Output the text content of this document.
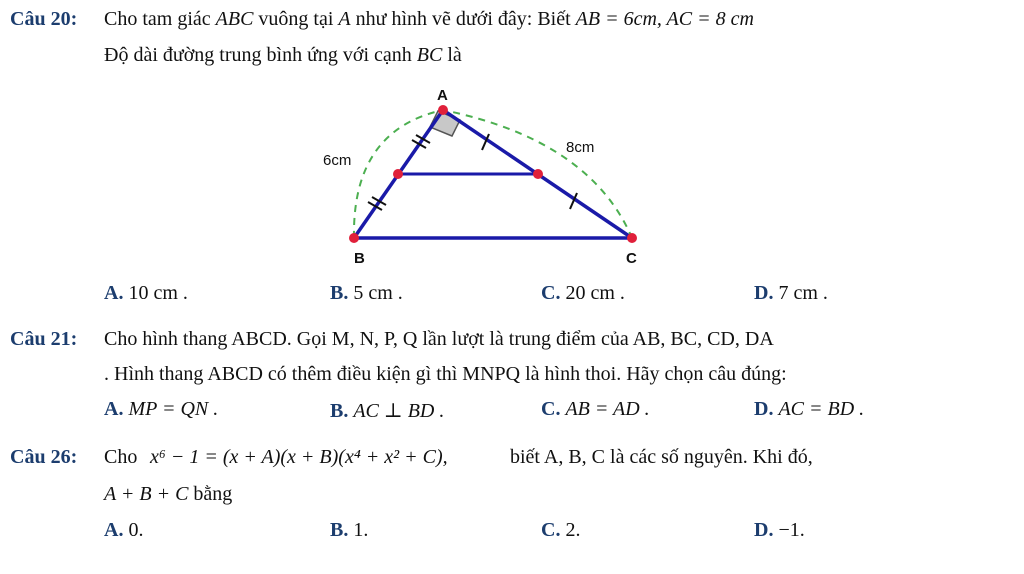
Câu 20: Cho tam giác ABC vuông tại A như hình vẽ dưới đây: Biết AB = 6cm, AC = 8 cm
Độ dài đường trung bình ứng với cạnh BC là
A
B	C
6cm
8cm
A. 10 cm .	B. 5 cm .	C. 20 cm .	D. 7 cm .
Câu 21: Cho hình thang ABCD. Gọi M, N, P, Q lần lượt là trung điểm của AB, BC, CD, DA
. Hình thang ABCD có thêm điều kiện gì thì MNPQ là hình thoi. Hãy chọn câu đúng:
A. MP = QN .	B. AC ⊥ BD .	C. AB = AD .	D. AC = BD .
Câu 26: Cho x⁶ − 1 = (x + A)(x + B)(x⁴ + x² + C),	biết A, B, C là các số nguyên. Khi đó,
A + B + C bằng
A. 0.	B. 1.	C. 2.	D. −1.
